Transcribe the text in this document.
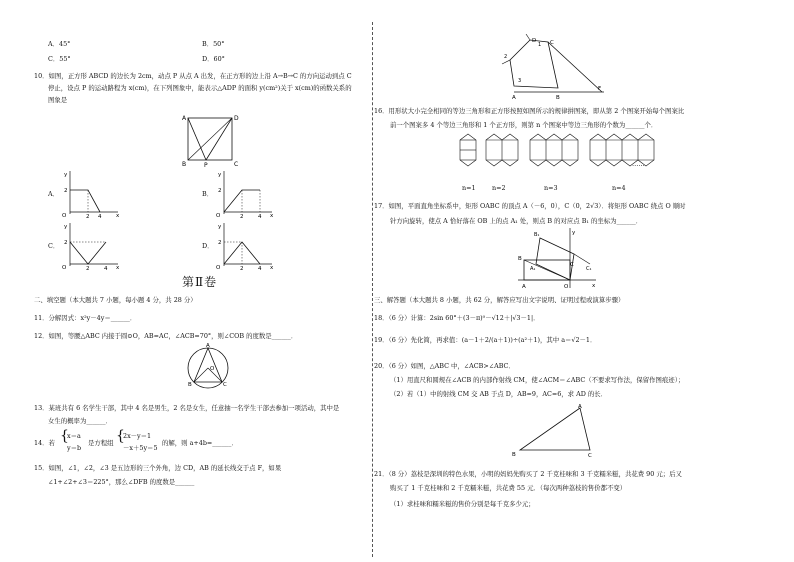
A．45°	B．50°
C．55°	D．60°
10．如图，正方形 ABCD 的边长为 2cm，动点 P 从点 A 出发，在正方形的边上沿 A→B→C 的方向运动到点 C
停止，设点 P 的运动路程为 x(cm)，在下列图象中，能表示△ADP 的面积 y(cm²)关于 x(cm)的函数关系的
图象是
A	D
B	C
P
A．
y
x
O
2
2 4
B．
y
x
O
2
2	4
C．
y
x
O
2
2	4
D．
y
x
O
2
2	4
第Ⅱ卷
二、填空题（本大题共 7 小题，每小题 4 分，共 28 分）
11．分解因式：x²y－4y＝______．
12．如图，等腰△ABC 内接于圆⊙O，AB=AC，∠ACB=70°，则∠COB 的度数是______．
A
B	C
O
13．某班共有 6 名学生干部，其中 4 名是男生，2 名是女生，任意抽一名学生干部去参加一项活动，其中是
女生的概率为______．
14．若 {
x＝a
y＝b
是方程组 {
2x－y＝1
－x＋5y＝5
的解，则 a+4b=______．
15．如图，∠1，∠2，∠3 是五边形的三个外角，边 CD，AB 的延长线交于点 F，如果
∠1+∠2+∠3＝225°，那么∠DFB 的度数是______
D	C
F
A	B
1
2
3
16．用形状大小完全相同的等边三角形和正方形按照如图所示的规律拼图案，即从第 2 个图案开始每个图案比
前一个图案多 4 个等边三角形和 1 个正方形，则第 n 个图案中等边三角形的个数为______个．
……
n=1	n=2	n=3	n=4
17．如图，平面直角坐标系中，矩形 OABC 的顶点 A（－6，0），C（0，2√3）．将矩形 OABC 绕点 O 顺时
针方向旋转，使点 A 恰好落在 OB 上的点 A₁ 处，则点 B 的对应点 B₁ 的坐标为______．
B
A
A₁
C
C₁
B₁
O
y
x
三、解答题（本大题共 8 小题，共 62 分，解答应写出文字说明、证明过程或演算步骤）
18．（6 分）计算：2sin 60°＋(3－π)⁰－√12＋|√3－1|．
19．（6 分）先化简，再求值：(a－1＋2/(a＋1))÷(a²＋1)，其中 a＝√2－1．
20．（6 分）如图，△ABC 中，∠ACB>∠ABC．
（1）用直尺和圆规在∠ACB 的内部作射线 CM，使∠ACM＝∠ABC（不要求写作法，保留作图痕迹）；
（2）若（1）中的射线 CM 交 AB 于点 D，AB=9，AC=6，求 AD 的长．
A
B	C
21．（8 分）荔枝是深圳的特色水果，小明的妈妈先购买了 2 千克桂味和 3 千克糯米糍，共花费 90 元；后又
购买了 1 千克桂味和 2 千克糯米糍，共花费 55 元．（每次两种荔枝的售价都不变）
（1）求桂味和糯米糍的售价分别是每千克多少元；
